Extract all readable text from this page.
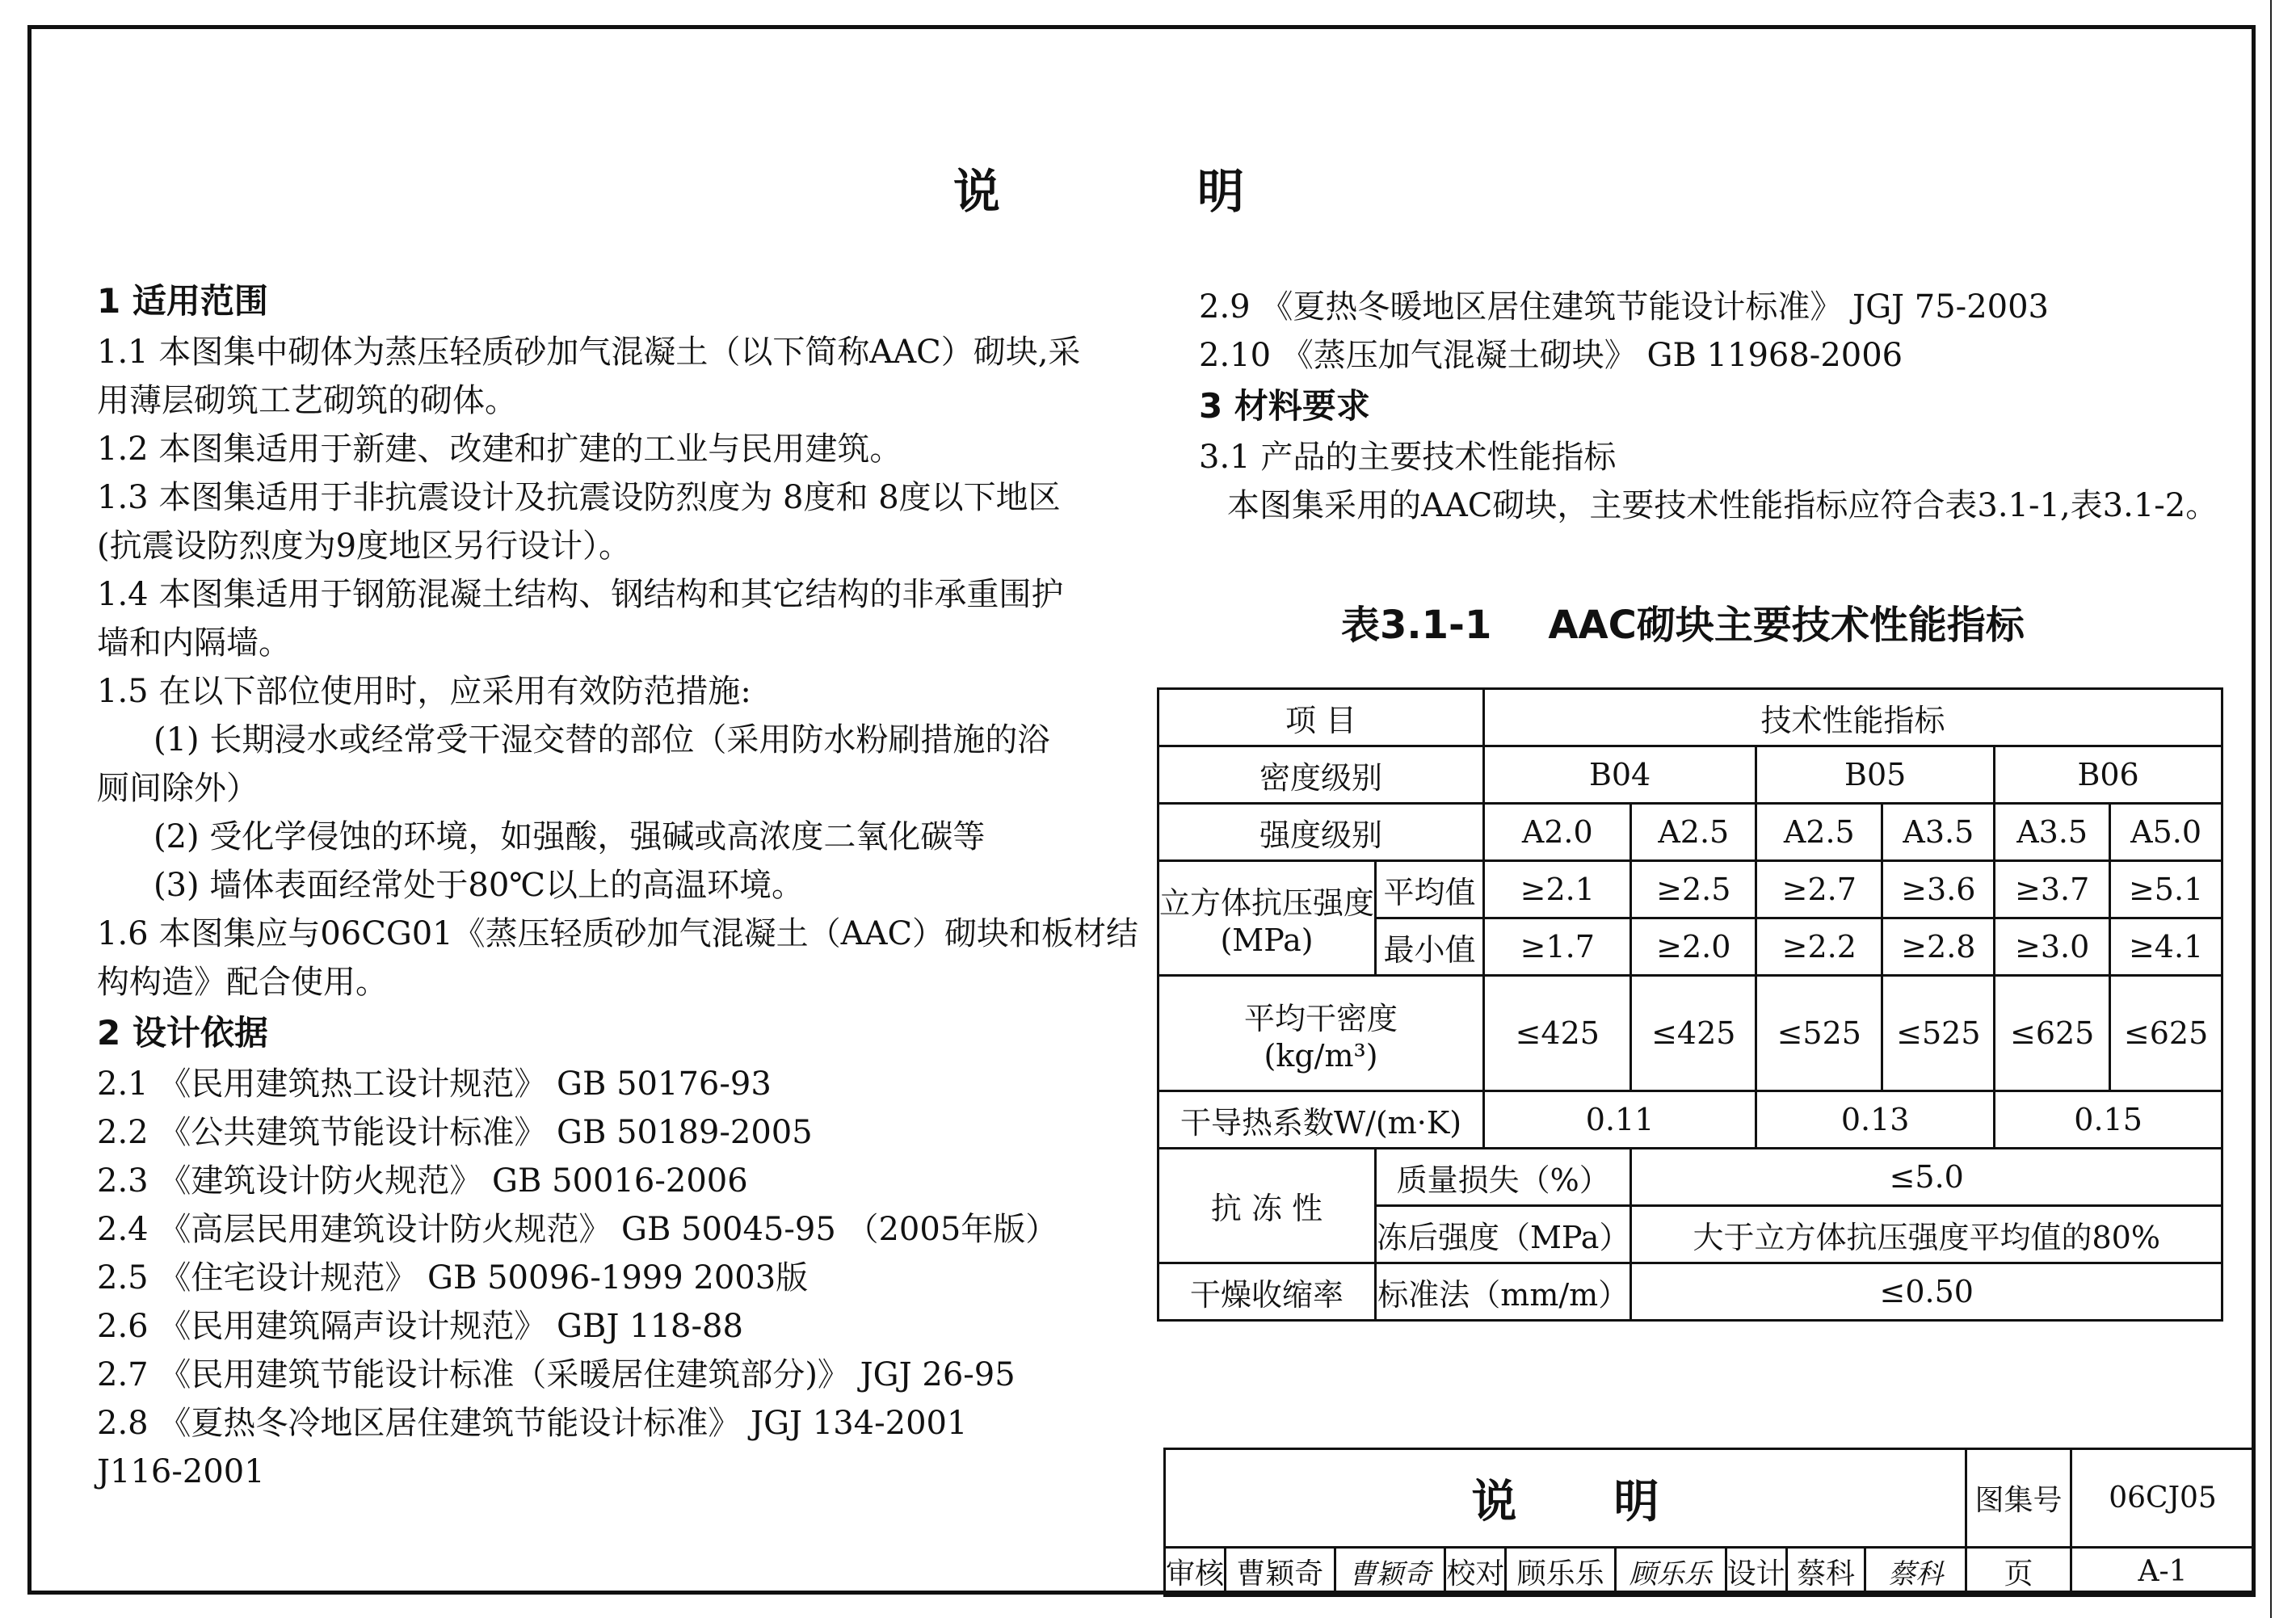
说	明
1 适用范围

1.1 本图集中砌体为蒸压轻质砂加气混凝土（以下简称AAC）砌块,采

用薄层砌筑工艺砌筑的砌体。

1.2 本图集适用于新建、改建和扩建的工业与民用建筑。

1.3 本图集适用于非抗震设计及抗震设防烈度为 8度和 8度以下地区

(抗震设防烈度为9度地区另行设计）。

1.4 本图集适用于钢筋混凝土结构、钢结构和其它结构的非承重围护

墙和内隔墙。

1.5 在以下部位使用时，应采用有效防范措施:

(1) 长期浸水或经常受干湿交替的部位（采用防水粉刷措施的浴

厕间除外）

(2) 受化学侵蚀的环境，如强酸，强碱或高浓度二氧化碳等

(3) 墙体表面经常处于80℃以上的高温环境。

1.6 本图集应与06CG01《蒸压轻质砂加气混凝土（AAC）砌块和板材结

构构造》配合使用。

2 设计依据

2.1 《民用建筑热工设计规范》 GB 50176-93

2.2 《公共建筑节能设计标准》 GB 50189-2005

2.3 《建筑设计防火规范》 GB 50016-2006

2.4 《高层民用建筑设计防火规范》 GB 50045-95 （2005年版）

2.5 《住宅设计规范》 GB 50096-1999 2003版

2.6 《民用建筑隔声设计规范》 GBJ 118-88

2.7 《民用建筑节能设计标准（采暖居住建筑部分)》 JGJ 26-95

2.8 《夏热冬冷地区居住建筑节能设计标准》 JGJ 134-2001

J116-2001

2.9 《夏热冬暖地区居住建筑节能设计标准》 JGJ 75-2003

2.10 《蒸压加气混凝土砌块》 GB 11968-2006

3 材料要求

3.1 产品的主要技术性能指标

本图集采用的AAC砌块，主要技术性能指标应符合表3.1-1,表3.1-2。

表3.1-1 AAC砌块主要技术性能指标
项 目		技术性能指标					
密度级别		B04		B05		B06	
强度级别		A2.0	A2.5	A2.5	A3.5	A3.5	A5.0

立方体抗压强度
(MPa)	平均值	≥2.1	≥2.5	≥2.7	≥3.6	≥3.7	≥5.1
	最小值	≥1.7	≥2.0	≥2.2	≥2.8	≥3.0	≥4.1

平均干密度
(kg/m³)		≤425	≤425	≤525	≤525	≤625	≤625
干导热系数W/(m·K)		0.11		0.13		0.15	
抗 冻 性	质量损失（%）		≤5.0				
	冻后强度（MPa）		大于立方体抗压强度平均值的80%				
干燥收缩率	标准法（mm/m）		≤0.50				
说 明									图集号	06CJ05
审核	曹颖奇	曹颖奇	校对	顾乐乐	顾乐乐	设计	蔡科	蔡科	页	A-1
